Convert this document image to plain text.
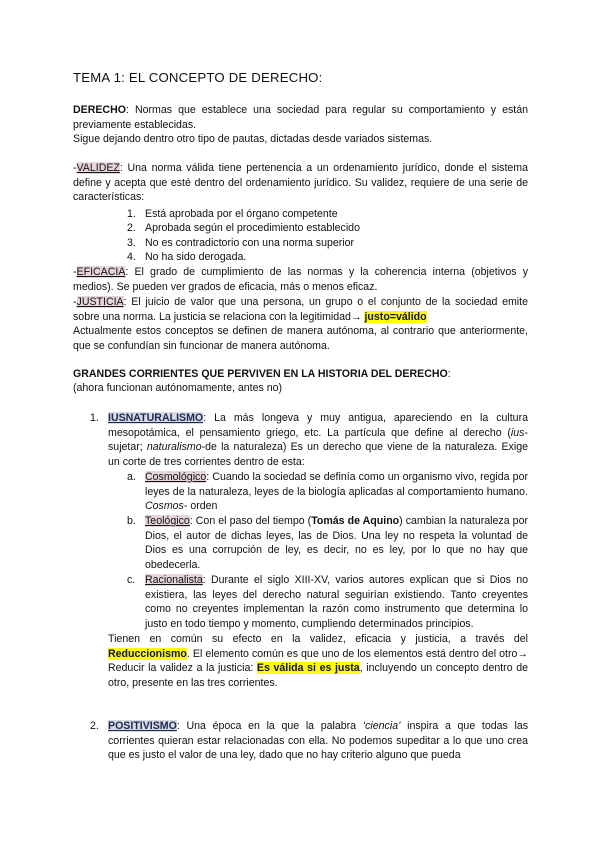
TEMA 1: EL CONCEPTO DE DERECHO:

DERECHO: Normas que establece una sociedad para regular su comportamiento y están previamente establecidas.

Sigue dejando dentro otro tipo de pautas, dictadas desde variados sistemas.

-VALIDEZ: Una norma válida tiene pertenencia a un ordenamiento jurídico, donde el sistema define y acepta que esté dentro del ordenamiento jurídico. Su validez, requiere de una serie de características:

1. Está aprobada por el órgano competente
2. Aprobada según el procedimiento establecido
3. No es contradictorio con una norma superior
4. No ha sido derogada.

-EFICACIA: El grado de cumplimiento de las normas y la coherencia interna (objetivos y medios). Se pueden ver grados de eficacia, más o menos eficaz.

-JUSTICIA: El juicio de valor que una persona, un grupo o el conjunto de la sociedad emite sobre una norma. La justicia se relaciona con la legitimidad→ justo=válido

Actualmente estos conceptos se definen de manera autónoma, al contrario que anteriormente, que se confundían sin funcionar de manera autónoma.

GRANDES CORRIENTES QUE PERVIVEN EN LA HISTORIA DEL DERECHO:

(ahora funcionan autónomamente, antes no)

1. IUSNATURALISMO: La más longeva y muy antigua, apareciendo en la cultura mesopotámica, el pensamiento griego, etc. La partícula que define al derecho (ius-sujetar; naturalismo-de la naturaleza) Es un derecho que viene de la naturaleza. Exige un corte de tres corrientes dentro de esta:

a. Cosmológico: Cuando la sociedad se definía como un organismo vivo, regida por leyes de la naturaleza, leyes de la biología aplicadas al comportamiento humano. Cosmos- orden

b. Teológico: Con el paso del tiempo (Tomás de Aquino) cambian la naturaleza por Dios, el autor de dichas leyes, las de Dios. Una ley no respeta la voluntad de Dios es una corrupción de ley, es decir, no es ley, por lo que no hay que obedecerla.

c. Racionalista: Durante el siglo XIII-XV, varios autores explican que si Dios no existiera, las leyes del derecho natural seguirían existiendo. Tanto creyentes como no creyentes implementan la razón como instrumento que determina lo justo en todo tiempo y momento, cumpliendo determinados principios.

Tienen en común su efecto en la validez, eficacia y justicia, a través del Reduccionismo. El elemento común es que uno de los elementos está dentro del otro→ Reducir la validez a la justicia: Es válida si es justa, incluyendo un concepto dentro de otro, presente en las tres corrientes.

2. POSITIVISMO: Una época en la que la palabra ‘ciencia’ inspira a que todas las corrientes quieran estar relacionadas con ella. No podemos supeditar a lo que uno crea que es justo el valor de una ley, dado que no hay criterio alguno que pueda
